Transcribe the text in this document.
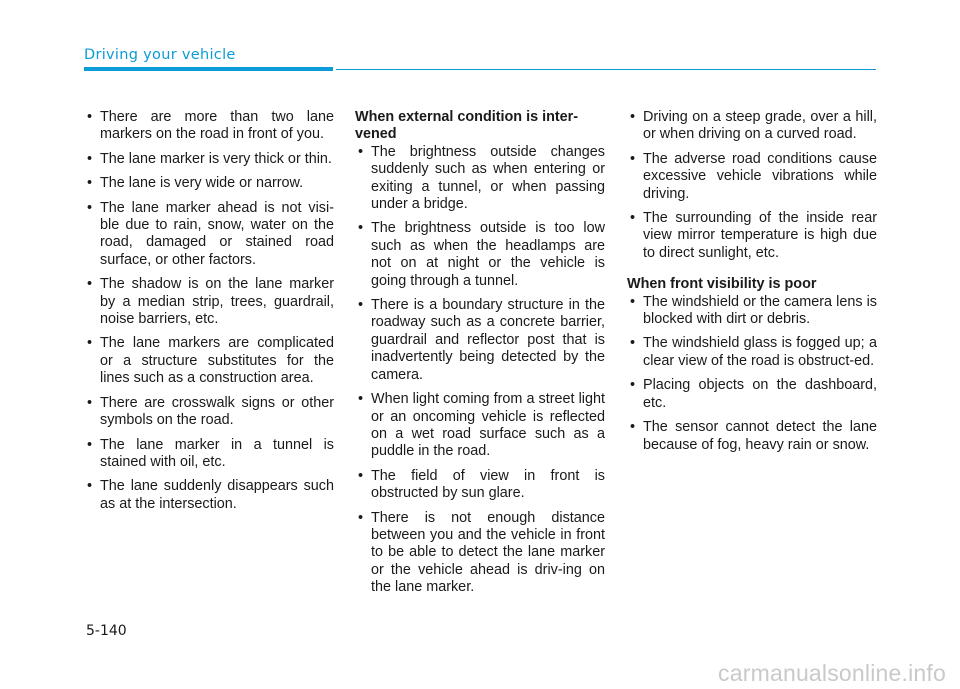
Driving your vehicle
• There are more than two lane markers on the road in front of you.
• The lane marker is very thick or thin.
• The lane is very wide or narrow.
• The lane marker ahead is not visi-ble due to rain, snow, water on the road, damaged or stained road surface, or other factors.
• The shadow is on the lane marker by a median strip, trees, guardrail, noise barriers, etc.
• The lane markers are complicated or a structure substitutes for the lines such as a construction area.
• There are crosswalk signs or other symbols on the road.
• The lane marker in a tunnel is stained with oil, etc.
• The lane suddenly disappears such as at the intersection.
When external condition is inter-vened
• The brightness outside changes suddenly such as when entering or exiting a tunnel, or when passing under a bridge.
• The brightness outside is too low such as when the headlamps are not on at night or the vehicle is going through a tunnel.
• There is a boundary structure in the roadway such as a concrete barrier, guardrail and reflector post that is inadvertently being detected by the camera.
• When light coming from a street light or an oncoming vehicle is reflected on a wet road surface such as a puddle in the road.
• The field of view in front is obstructed by sun glare.
• There is not enough distance between you and the vehicle in front to be able to detect the lane marker or the vehicle ahead is driv-ing on the lane marker.
• Driving on a steep grade, over a hill, or when driving on a curved road.
• The adverse road conditions cause excessive vehicle vibrations while driving.
• The surrounding of the inside rear view mirror temperature is high due to direct sunlight, etc.
When front visibility is poor
• The windshield or the camera lens is blocked with dirt or debris.
• The windshield glass is fogged up; a clear view of the road is obstruct-ed.
• Placing objects on the dashboard, etc.
• The sensor cannot detect the lane because of fog, heavy rain or snow.
5-140
carmanualsonline.info
